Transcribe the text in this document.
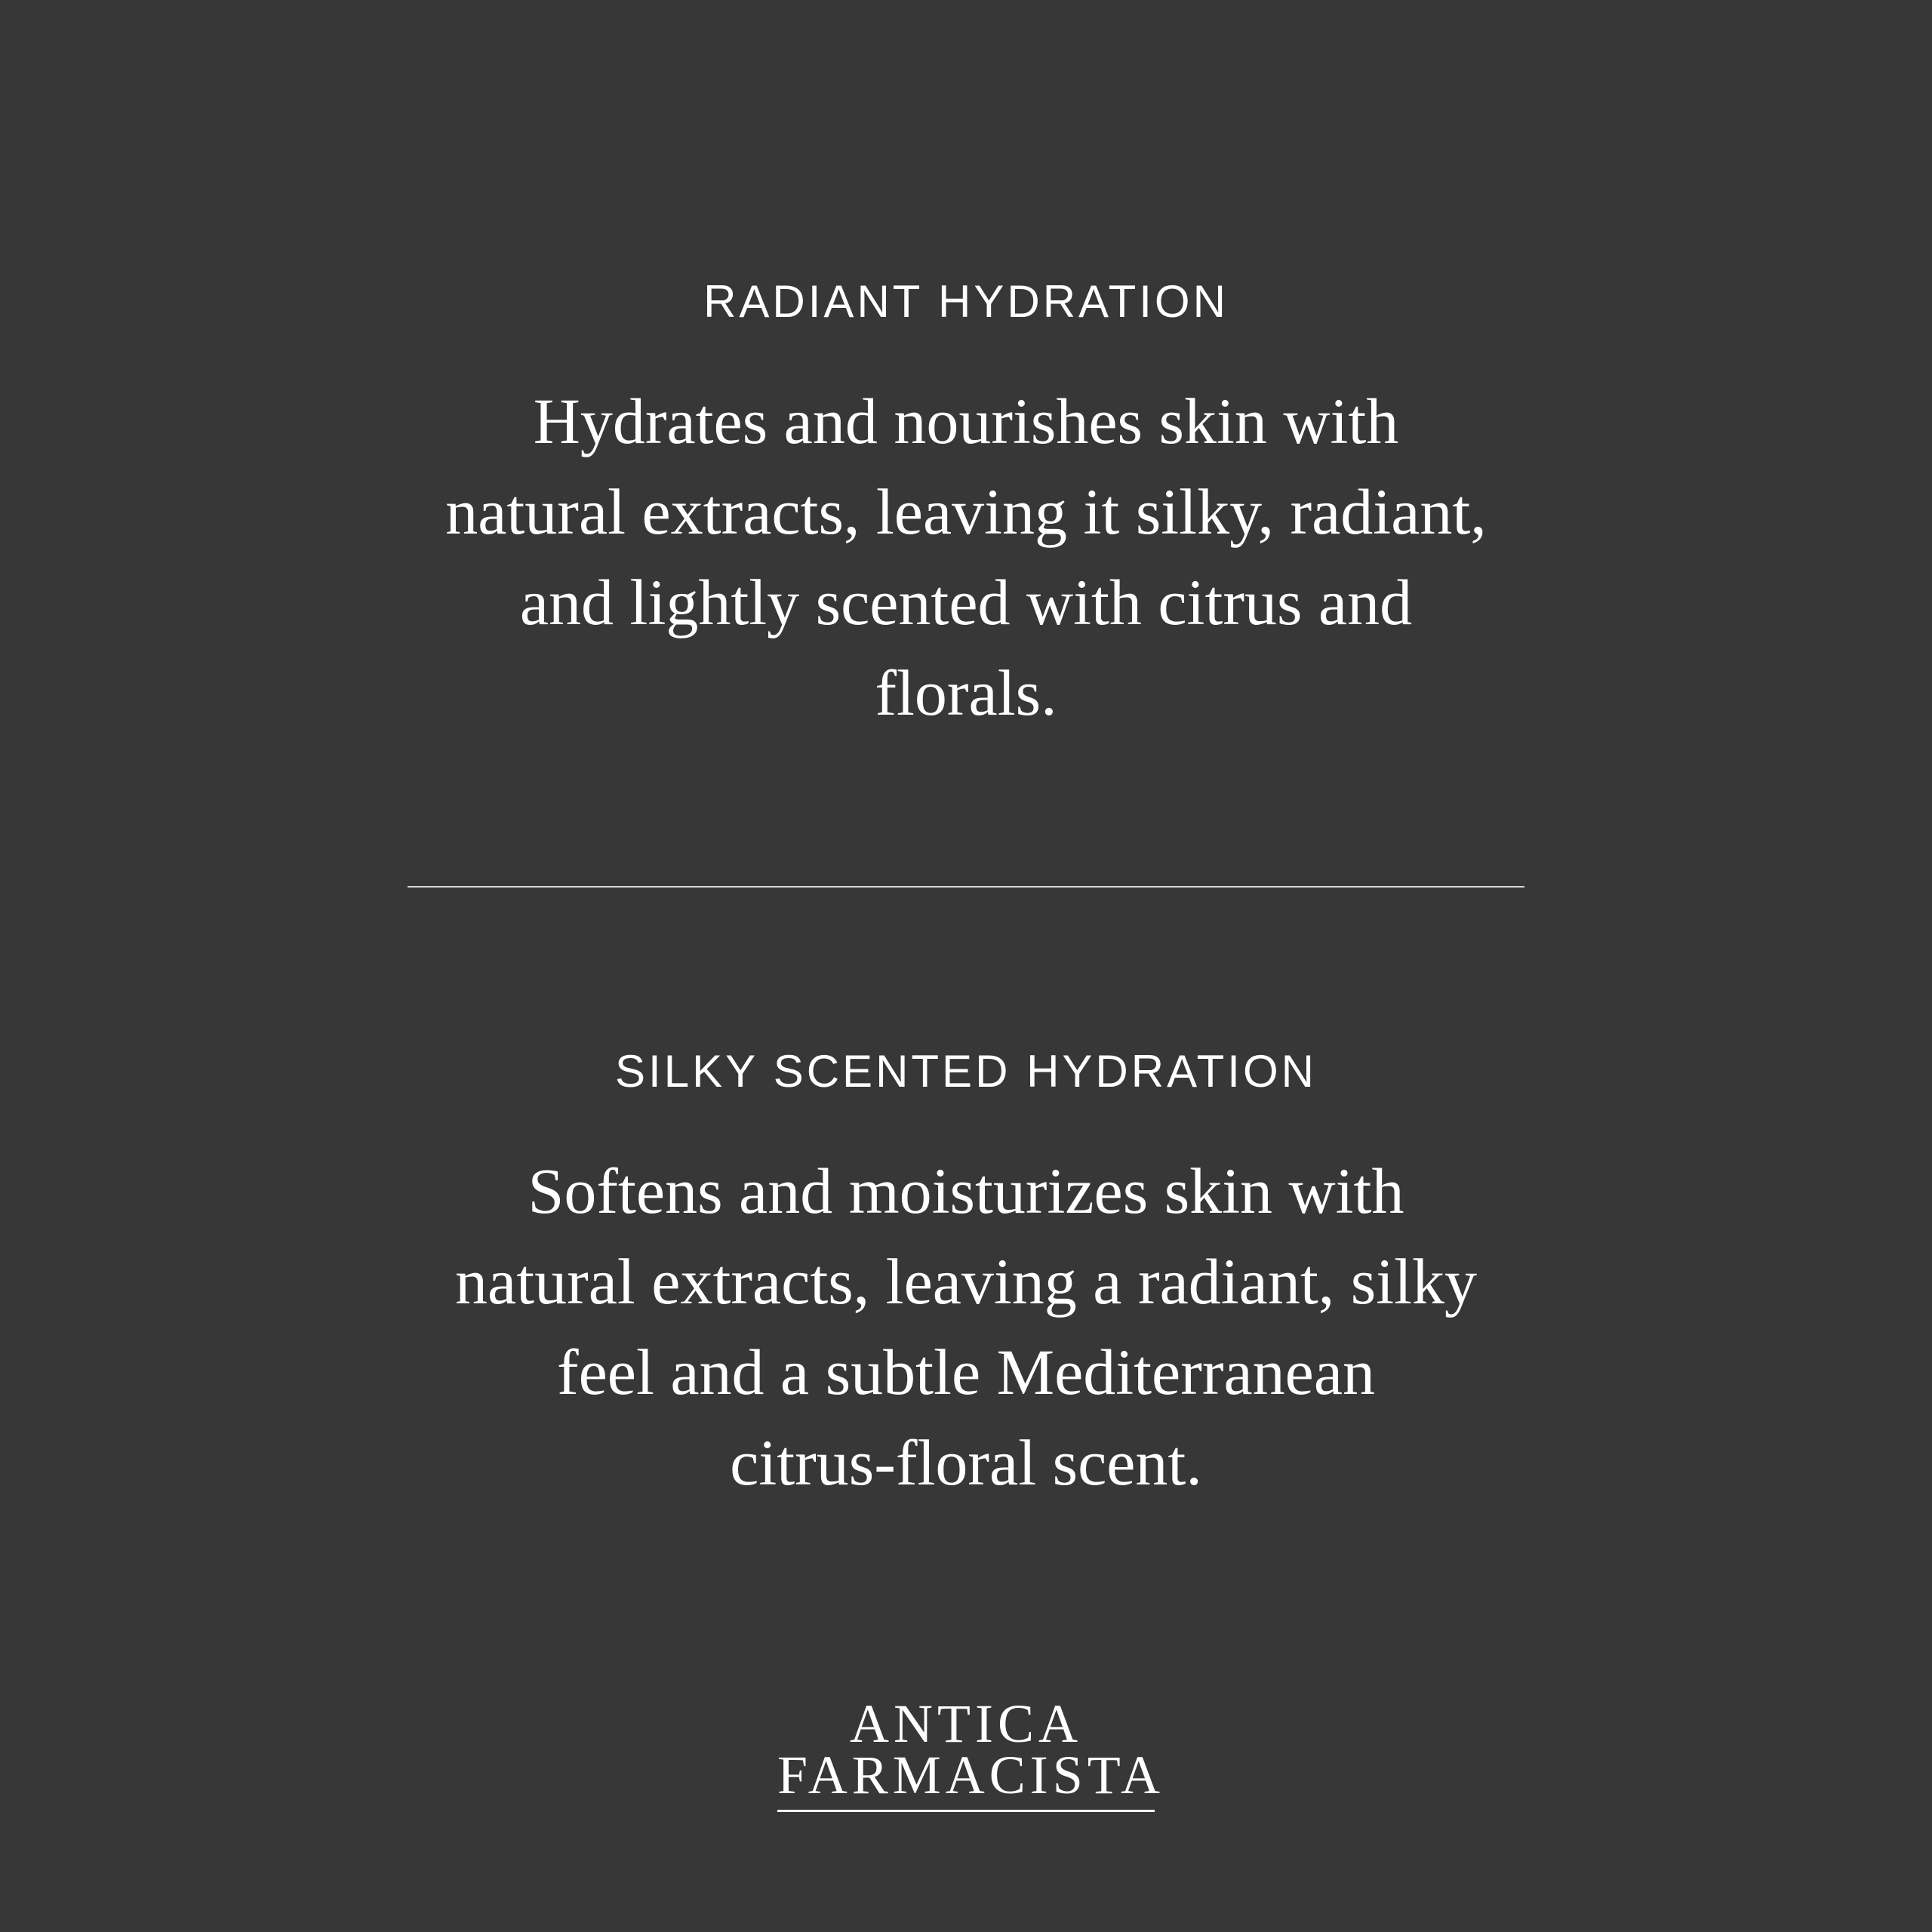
RADIANT HYDRATION

Hydrates and nourishes skin with
natural extracts, leaving it silky, radiant,
and lightly scented with citrus and
florals.

SILKY SCENTED HYDRATION

Softens and moisturizes skin with
natural extracts, leaving a radiant, silky
feel and a subtle Mediterranean
citrus-floral scent.

ANTICA
FARMACISTA
